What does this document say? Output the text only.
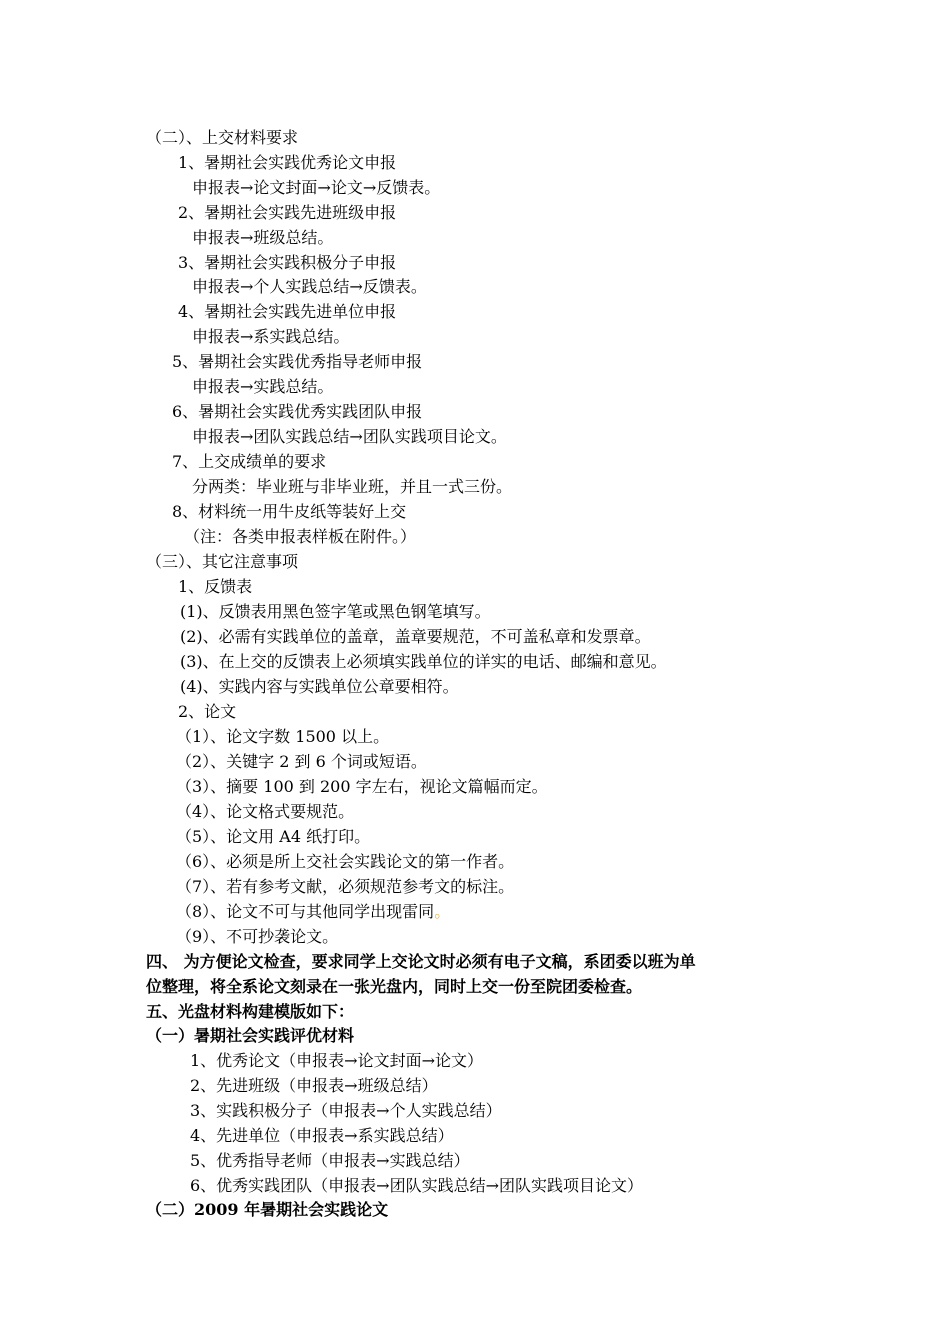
（二）、上交材料要求
1、暑期社会实践优秀论文申报
申报表→论文封面→论文→反馈表。
2、暑期社会实践先进班级申报
申报表→班级总结。
3、暑期社会实践积极分子申报
申报表→个人实践总结→反馈表。
4、暑期社会实践先进单位申报
申报表→系实践总结。
5、暑期社会实践优秀指导老师申报
申报表→实践总结。
6、暑期社会实践优秀实践团队申报
申报表→团队实践总结→团队实践项目论文。
7、上交成绩单的要求
分两类：毕业班与非毕业班，并且一式三份。
8、材料统一用牛皮纸等装好上交
（注：各类申报表样板在附件。）
（三）、其它注意事项
1、反馈表
(1)、反馈表用黑色签字笔或黑色钢笔填写。
(2)、必需有实践单位的盖章，盖章要规范，不可盖私章和发票章。
(3)、在上交的反馈表上必须填实践单位的详实的电话、邮编和意见。
(4)、实践内容与实践单位公章要相符。
2、论文
（1）、论文字数 1500 以上。
（2）、关键字 2 到 6 个词或短语。
（3）、摘要 100 到 200 字左右，视论文篇幅而定。
（4）、论文格式要规范。
（5）、论文用 A4 纸打印。
（6）、必须是所上交社会实践论文的第一作者。
（7）、若有参考文献，必须规范参考文的标注。
（8）、论文不可与其他同学出现雷同。
（9）、不可抄袭论文。
四、 为方便论文检查，要求同学上交论文时必须有电子文稿，系团委以班为单
位整理，将全系论文刻录在一张光盘内，同时上交一份至院团委检查。
五、光盘材料构建模版如下：
（一）暑期社会实践评优材料
1、优秀论文（申报表→论文封面→论文）
2、先进班级（申报表→班级总结）
3、实践积极分子（申报表→个人实践总结）
4、先进单位（申报表→系实践总结）
5、优秀指导老师（申报表→实践总结）
6、优秀实践团队（申报表→团队实践总结→团队实践项目论文）
（二）2009 年暑期社会实践论文
